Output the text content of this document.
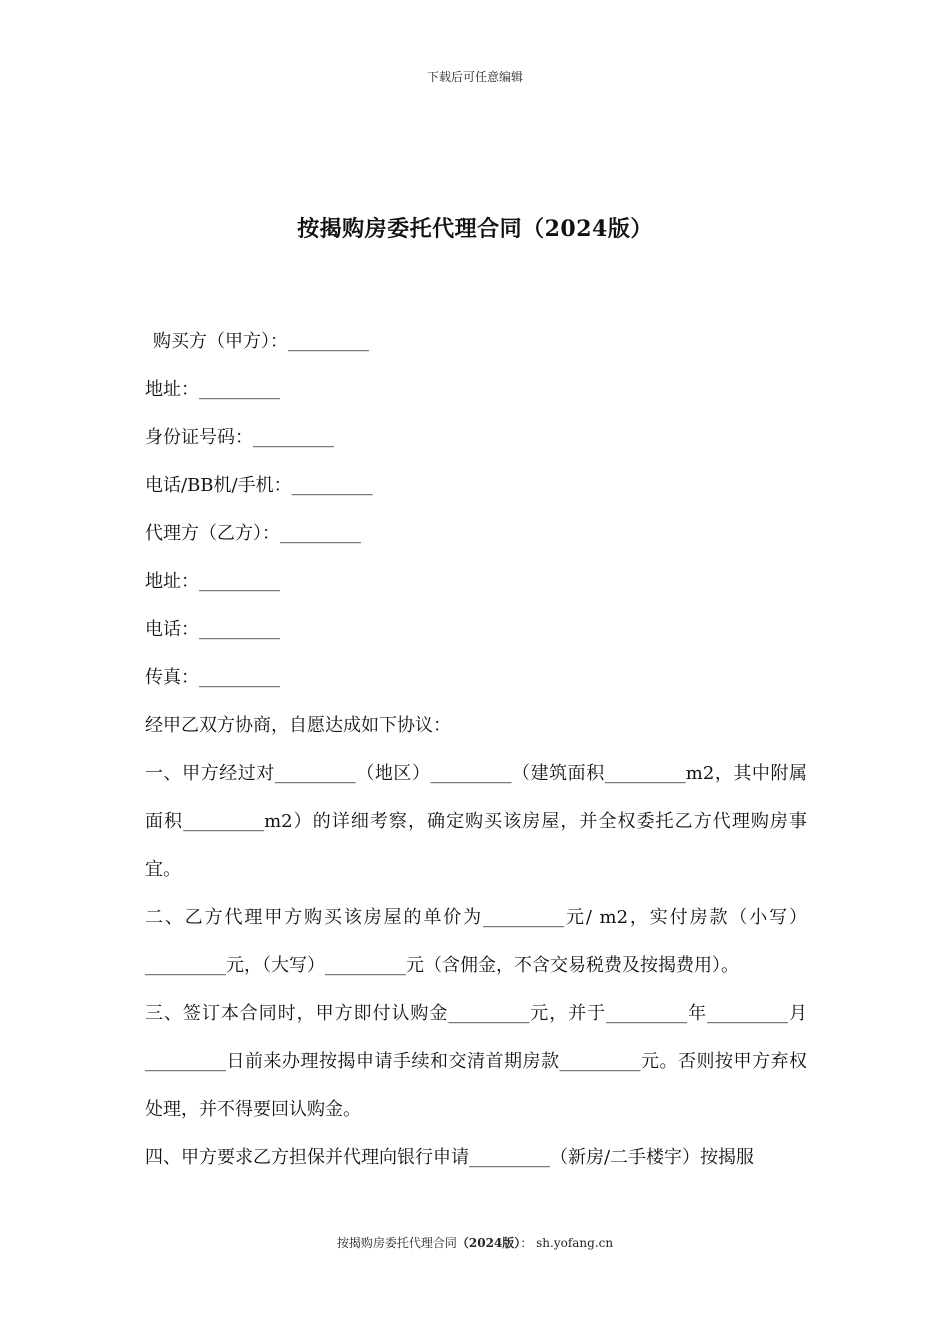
下载后可任意编辑
按揭购房委托代理合同（2024版）
购买方（甲方）：_________
地址：_________
身份证号码：_________
电话/BB机/手机：_________
代理方（乙方）：_________
地址：_________
电话：_________
传真：_________
经甲乙双方协商，自愿达成如下协议：

一、甲方经过对_________（地区）_________（建筑面积_________m2，其中附属面积_________m2）的详细考察，确定购买该房屋，并全权委托乙方代理购房事宜。

二、乙方代理甲方购买该房屋的单价为_________元/ m2，实付房款（小写）_________元，（大写）_________元（含佣金，不含交易税费及按揭费用）。

三、签订本合同时，甲方即付认购金_________元，并于_________年_________月_________日前来办理按揭申请手续和交清首期房款_________元。否则按甲方弃权处理，并不得要回认购金。

四、甲方要求乙方担保并代理向银行申请_________（新房/二手楼宇）按揭服

按揭购房委托代理合同（2024版）： sh.yofang.cn
